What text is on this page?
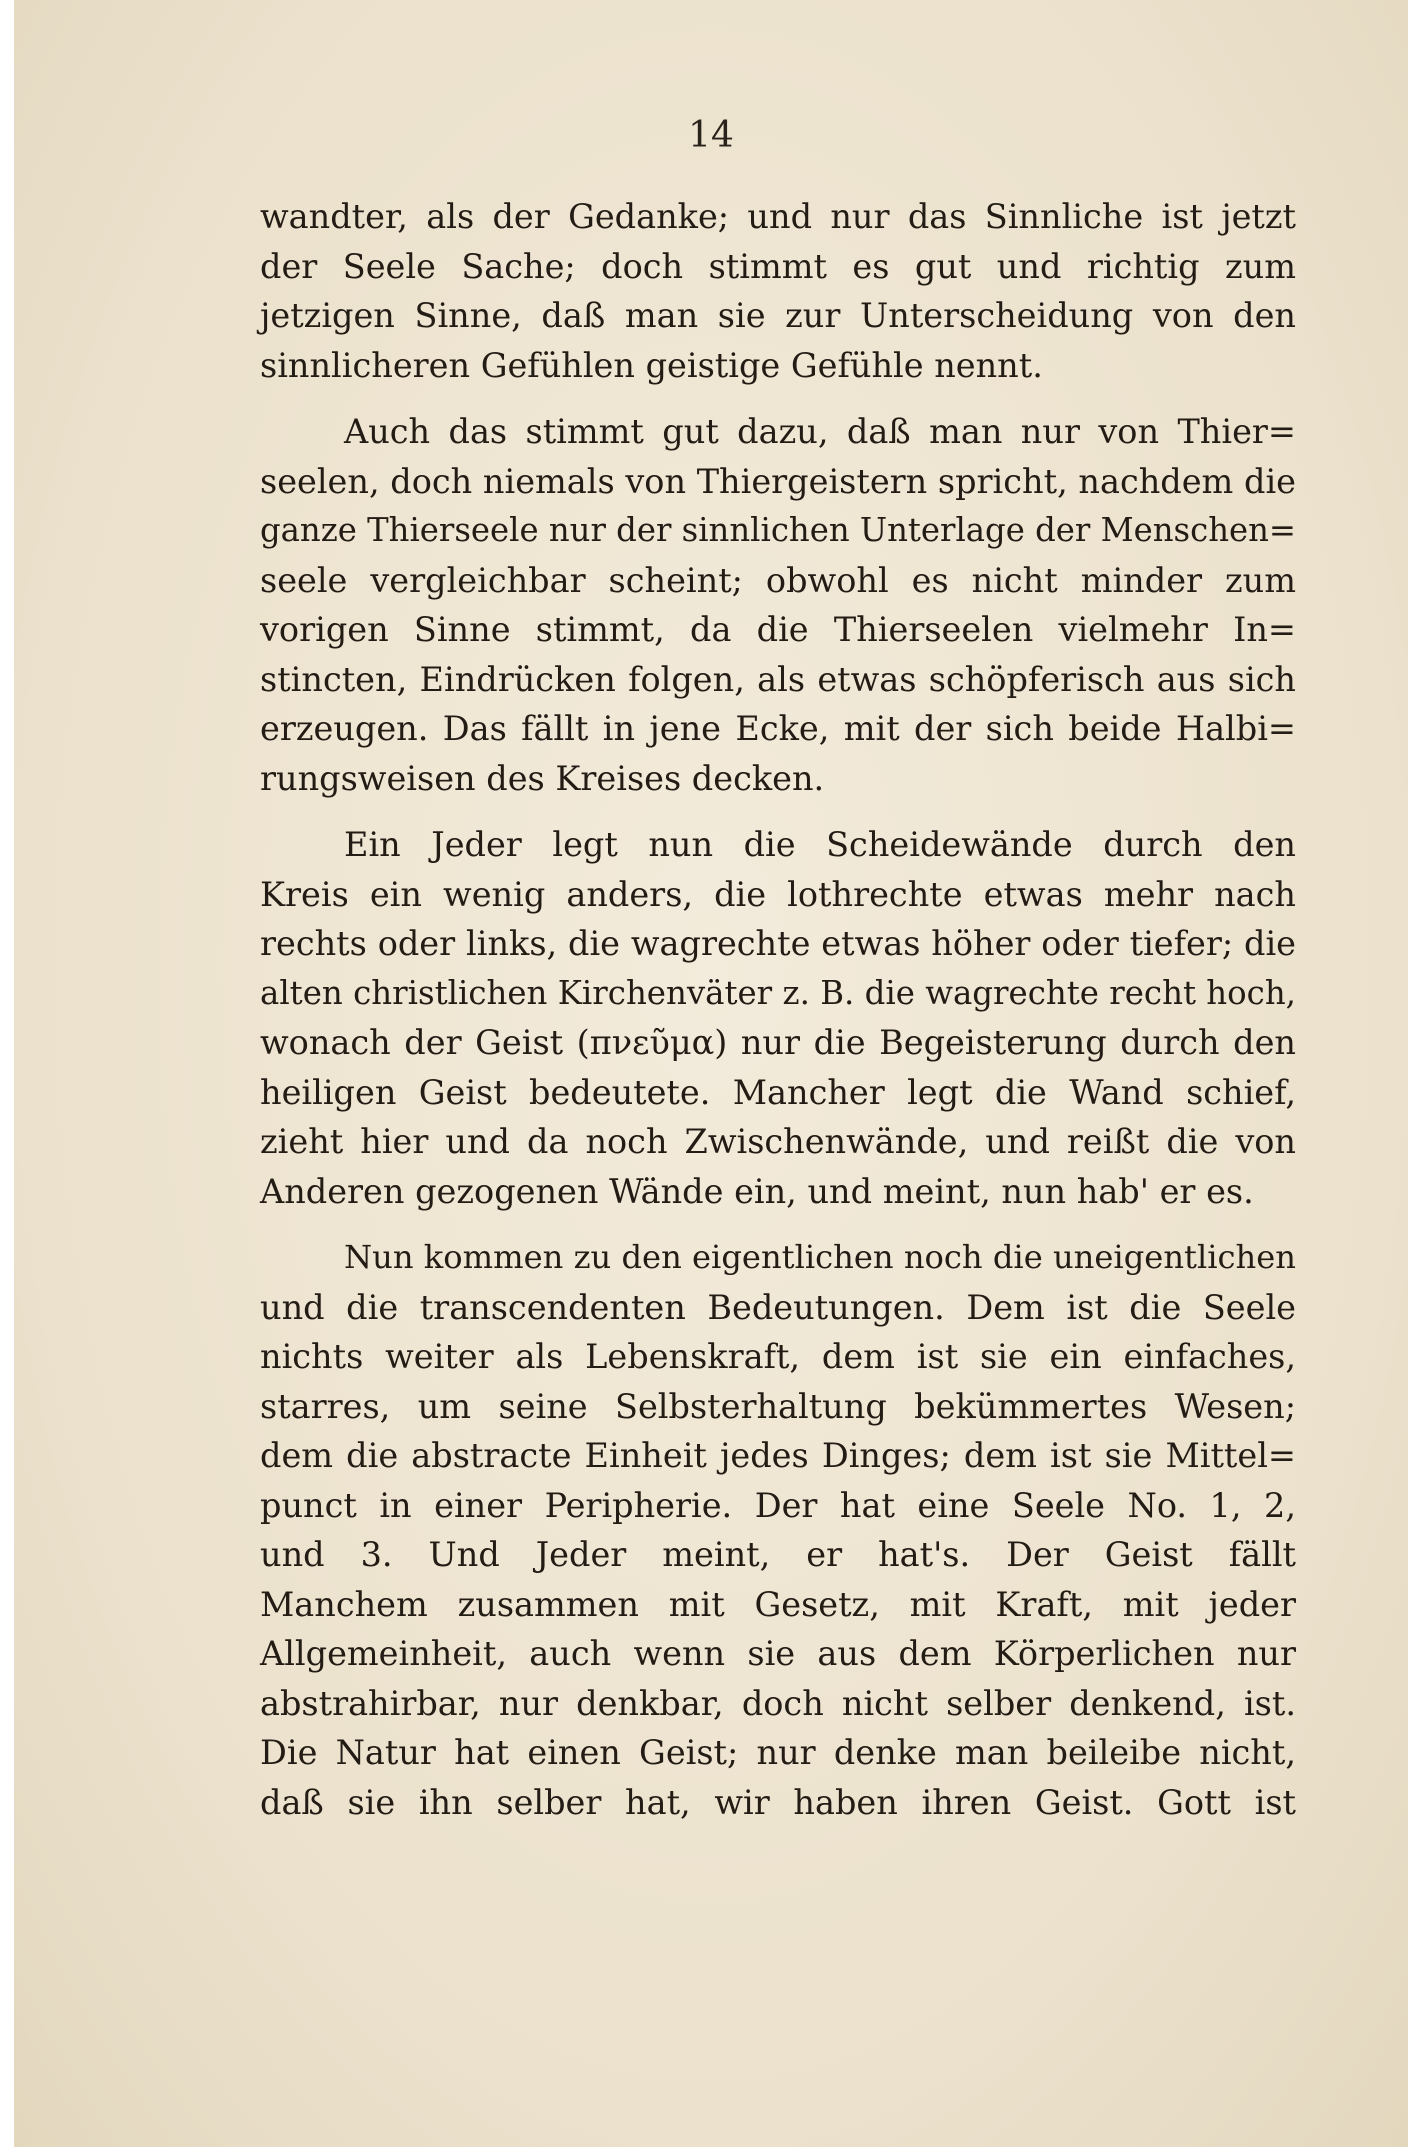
14
wandter, als der Gedanke; und nur das Sinnliche ist jetzt
der Seele Sache; doch stimmt es gut und richtig zum
jetzigen Sinne, daß man sie zur Unterscheidung von den
sinnlicheren Gefühlen geistige Gefühle nennt.
Auch das stimmt gut dazu, daß man nur von Thier=
seelen, doch niemals von Thiergeistern spricht, nachdem die
ganze Thierseele nur der sinnlichen Unterlage der Menschen=
seele vergleichbar scheint; obwohl es nicht minder zum
vorigen Sinne stimmt, da die Thierseelen vielmehr In=
stincten, Eindrücken folgen, als etwas schöpferisch aus sich
erzeugen. Das fällt in jene Ecke, mit der sich beide Halbi=
rungsweisen des Kreises decken.
Ein Jeder legt nun die Scheidewände durch den
Kreis ein wenig anders, die lothrechte etwas mehr nach
rechts oder links, die wagrechte etwas höher oder tiefer; die
alten christlichen Kirchenväter z. B. die wagrechte recht hoch,
wonach der Geist (πνεῦμα) nur die Begeisterung durch den
heiligen Geist bedeutete. Mancher legt die Wand schief,
zieht hier und da noch Zwischenwände, und reißt die von
Anderen gezogenen Wände ein, und meint, nun hab' er es.
Nun kommen zu den eigentlichen noch die uneigentlichen
und die transcendenten Bedeutungen. Dem ist die Seele
nichts weiter als Lebenskraft, dem ist sie ein einfaches,
starres, um seine Selbsterhaltung bekümmertes Wesen;
dem die abstracte Einheit jedes Dinges; dem ist sie Mittel=
punct in einer Peripherie. Der hat eine Seele No. 1, 2,
und 3. Und Jeder meint, er hat's. Der Geist fällt
Manchem zusammen mit Gesetz, mit Kraft, mit jeder
Allgemeinheit, auch wenn sie aus dem Körperlichen nur
abstrahirbar, nur denkbar, doch nicht selber denkend, ist.
Die Natur hat einen Geist; nur denke man beileibe nicht,
daß sie ihn selber hat, wir haben ihren Geist. Gott ist
